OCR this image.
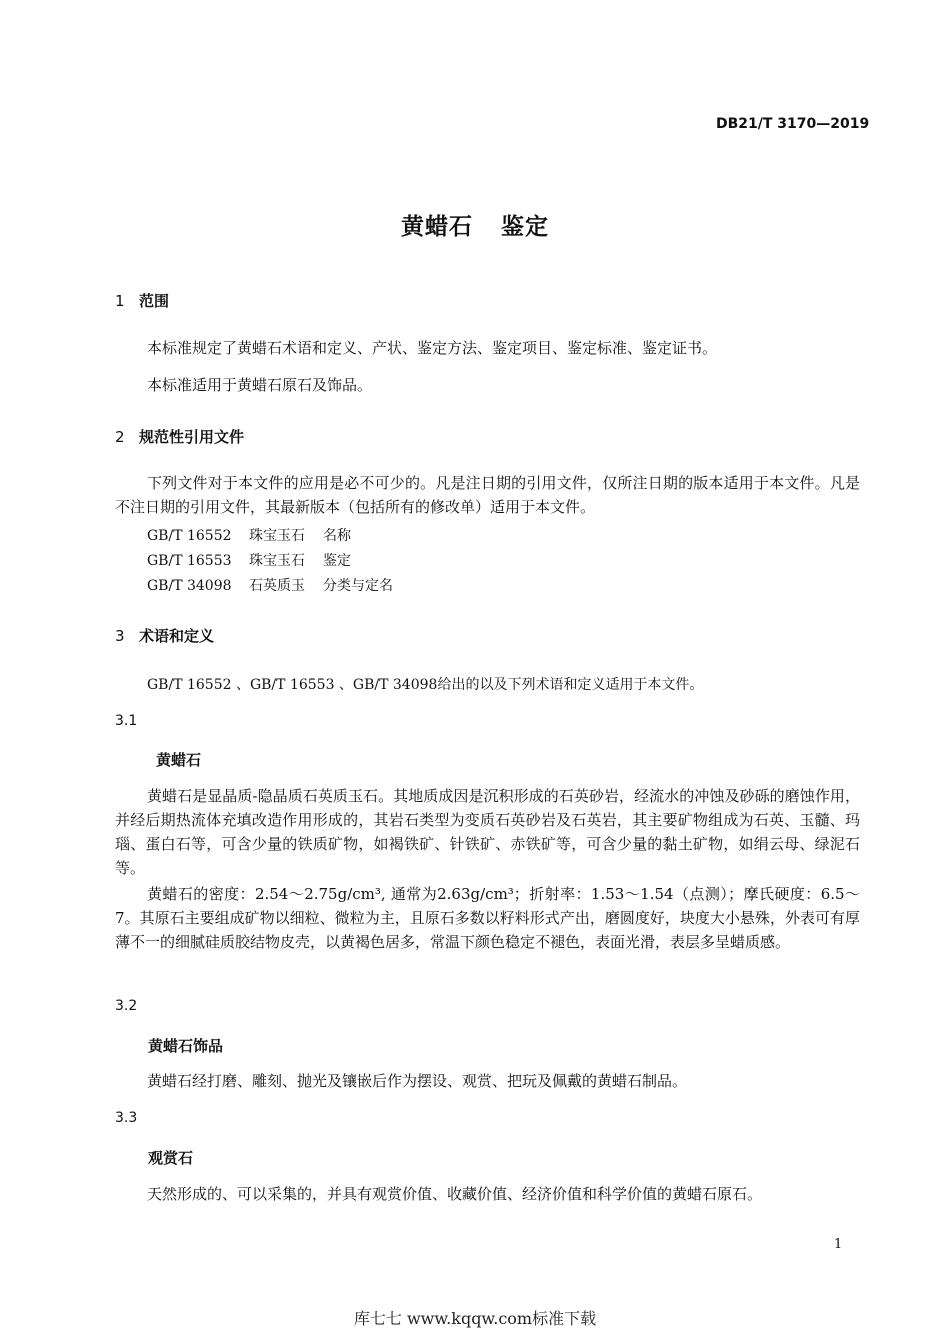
DB21/T 3170—2019
黄蜡石 鉴定
1 范围
本标准规定了黄蜡石术语和定义、产状、鉴定方法、鉴定项目、鉴定标准、鉴定证书。
本标准适用于黄蜡石原石及饰品。
2 规范性引用文件
下列文件对于本文件的应用是必不可少的。凡是注日期的引用文件，仅所注日期的版本适用于本文件。凡是不注日期的引用文件，其最新版本（包括所有的修改单）适用于本文件。
GB/T 16552 珠宝玉石 名称
GB/T 16553 珠宝玉石 鉴定
GB/T 34098 石英质玉 分类与定名
3 术语和定义
GB/T 16552 、GB/T 16553 、GB/T 34098给出的以及下列术语和定义适用于本文件。
3.1
黄蜡石
黄蜡石是显晶质-隐晶质石英质玉石。其地质成因是沉积形成的石英砂岩，经流水的冲蚀及砂砾的磨蚀作用，并经后期热流体充填改造作用形成的，其岩石类型为变质石英砂岩及石英岩，其主要矿物组成为石英、玉髓、玛瑙、蛋白石等，可含少量的铁质矿物，如褐铁矿、针铁矿、赤铁矿等，可含少量的黏土矿物，如绢云母、绿泥石等。
黄蜡石的密度：2.54～2.75g/cm³, 通常为2.63g/cm³；折射率：1.53～1.54（点测）；摩氏硬度：6.5～7。其原石主要组成矿物以细粒、微粒为主，且原石多数以籽料形式产出，磨圆度好，块度大小悬殊，外表可有厚薄不一的细腻硅质胶结物皮壳，以黄褐色居多，常温下颜色稳定不褪色，表面光滑，表层多呈蜡质感。
3.2
黄蜡石饰品
黄蜡石经打磨、雕刻、抛光及镶嵌后作为摆设、观赏、把玩及佩戴的黄蜡石制品。
3.3
观赏石
天然形成的、可以采集的，并具有观赏价值、收藏价值、经济价值和科学价值的黄蜡石原石。
1
库七七 www.kqqw.com标准下载
